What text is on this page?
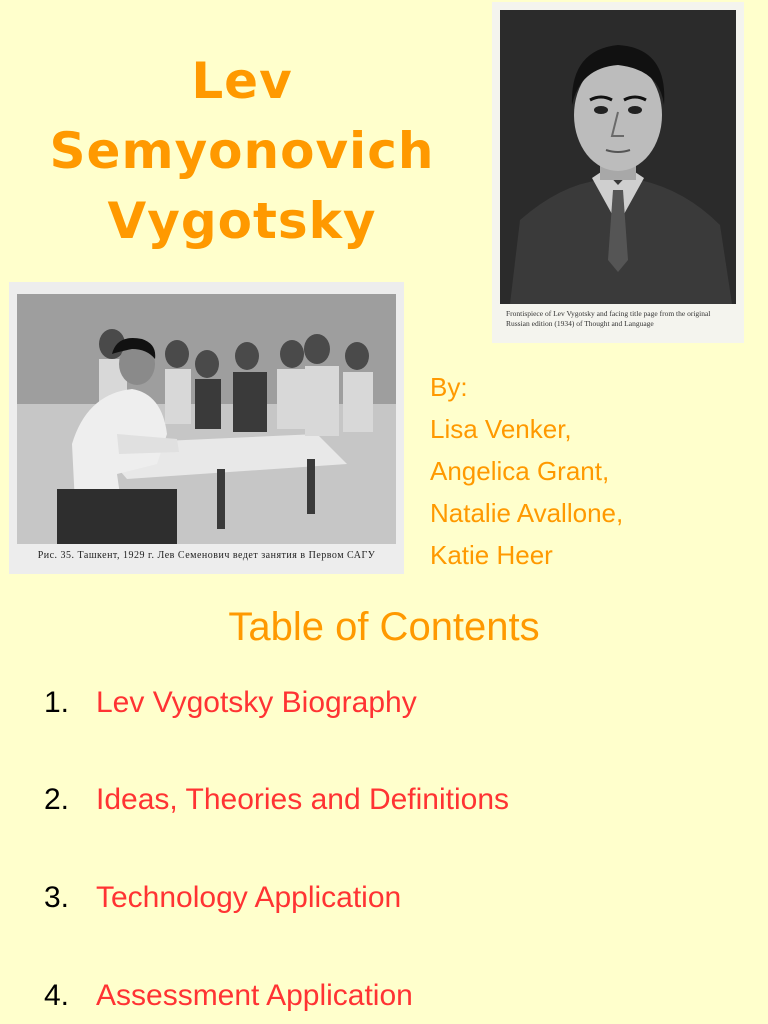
Lev
Semyonovich
Vygotsky
Frontispiece of Lev Vygotsky and facing title page from the original Russian edition (1934) of Thought and Language
Рис. 35. Ташкент, 1929 г. Лев Семенович ведет занятия в Первом САГУ
By:
Lisa Venker,
Angelica Grant,
Natalie Avallone,
Katie Heer
Table of Contents
1. Lev Vygotsky Biography
2. Ideas, Theories and Definitions
3. Technology Application
4. Assessment Application
